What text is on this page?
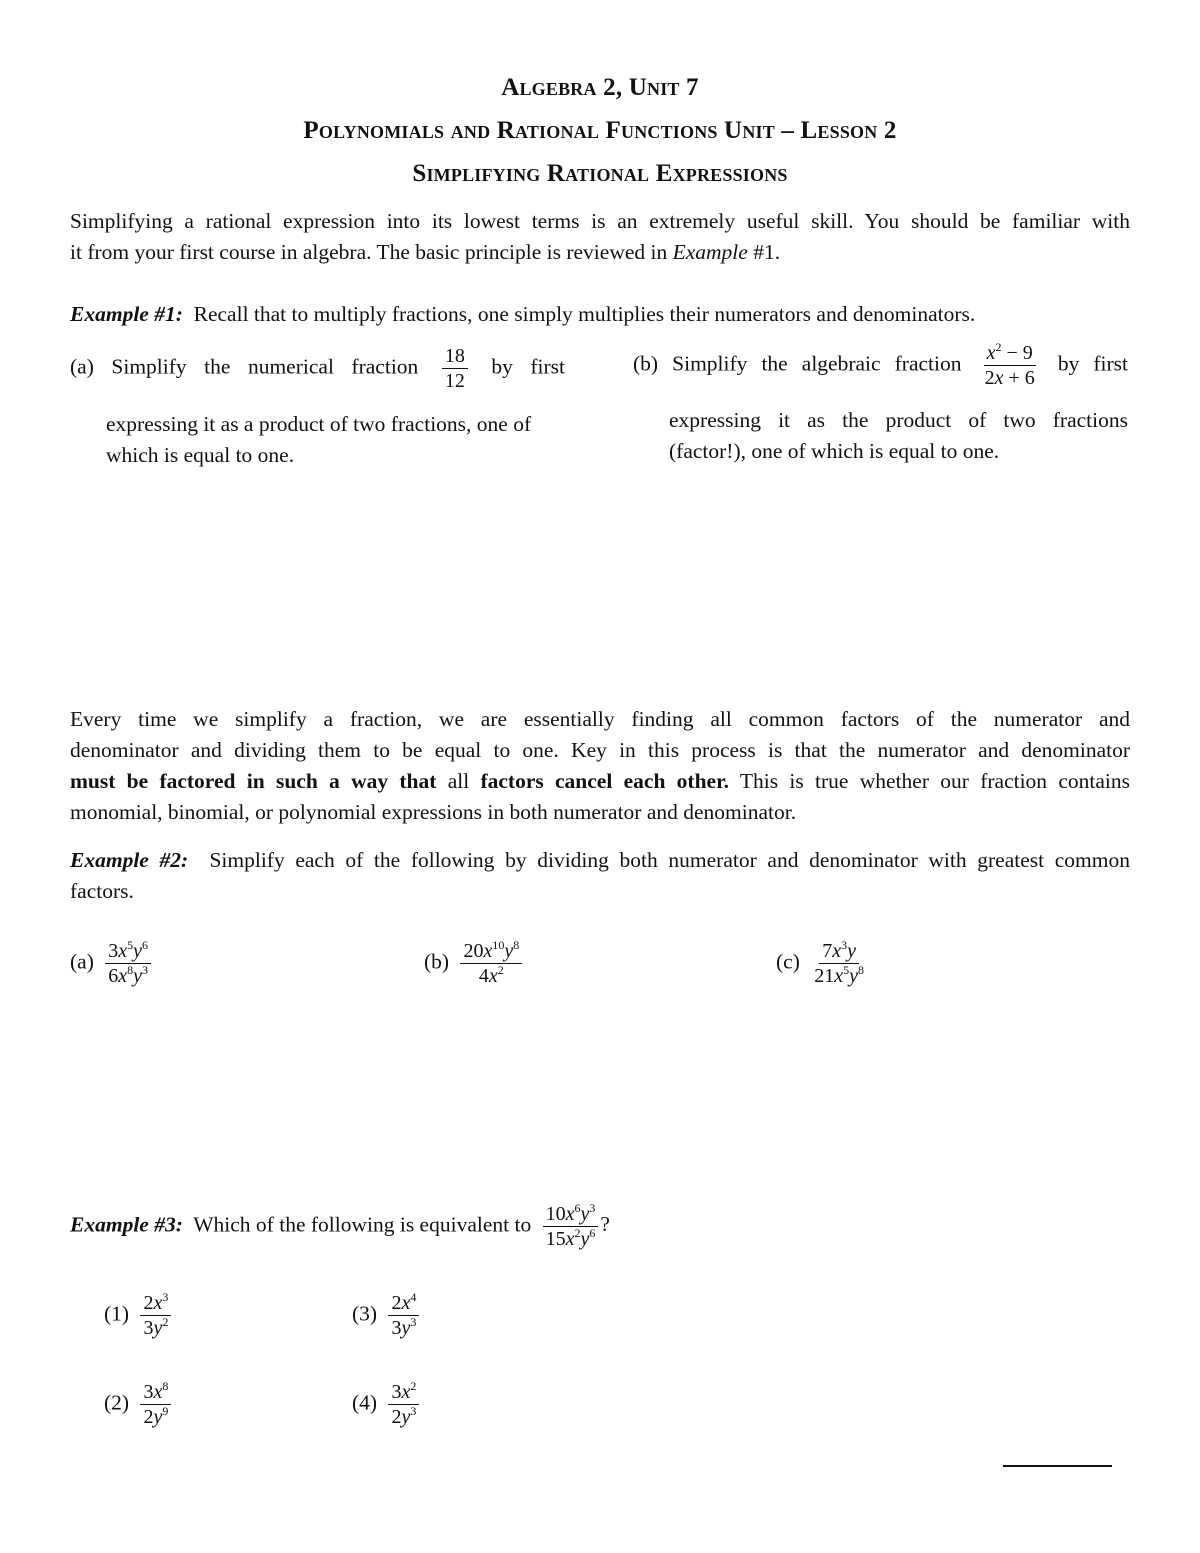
Algebra 2, Unit 7
Polynomials and Rational Functions Unit – Lesson 2
Simplifying Rational Expressions
Simplifying a rational expression into its lowest terms is an extremely useful skill. You should be familiar with
it from your first course in algebra. The basic principle is reviewed in Example #1.
Example #1: Recall that to multiply fractions, one simply multiplies their numerators and denominators.
(a) Simplify the numerical fraction $\frac{18}{12}$ by first
expressing it as a product of two fractions, one of
which is equal to one.
(b) Simplify the algebraic fraction $\frac{x^2 - 9}{2x + 6}$ by first
expressing it as the product of two fractions
(factor!), one of which is equal to one.
Every time we simplify a fraction, we are essentially finding all common factors of the numerator and
denominator and dividing them to be equal to one. Key in this process is that the numerator and denominator
must be factored in such a way that all factors cancel each other. This is true whether our fraction contains
monomial, binomial, or polynomial expressions in both numerator and denominator.
Example #2: Simplify each of the following by dividing both numerator and denominator with greatest common
factors.
$(a) \frac{3x^5y^6}{6x^8y^3}$	$(b) \frac{20x^{10}y^8}{4x^2}$	$(c) \frac{7x^3y}{21x^5y^8}$
Example #3: Which of the following is equivalent to $\frac{10x^6y^3}{15x^2y^6}$ ?
$(1) \frac{2x^3}{3y^2}$	$(3) \frac{2x^4}{3y^3}$
$(2) \frac{3x^8}{2y^9}$	$(4) \frac{3x^2}{2y^3}$
